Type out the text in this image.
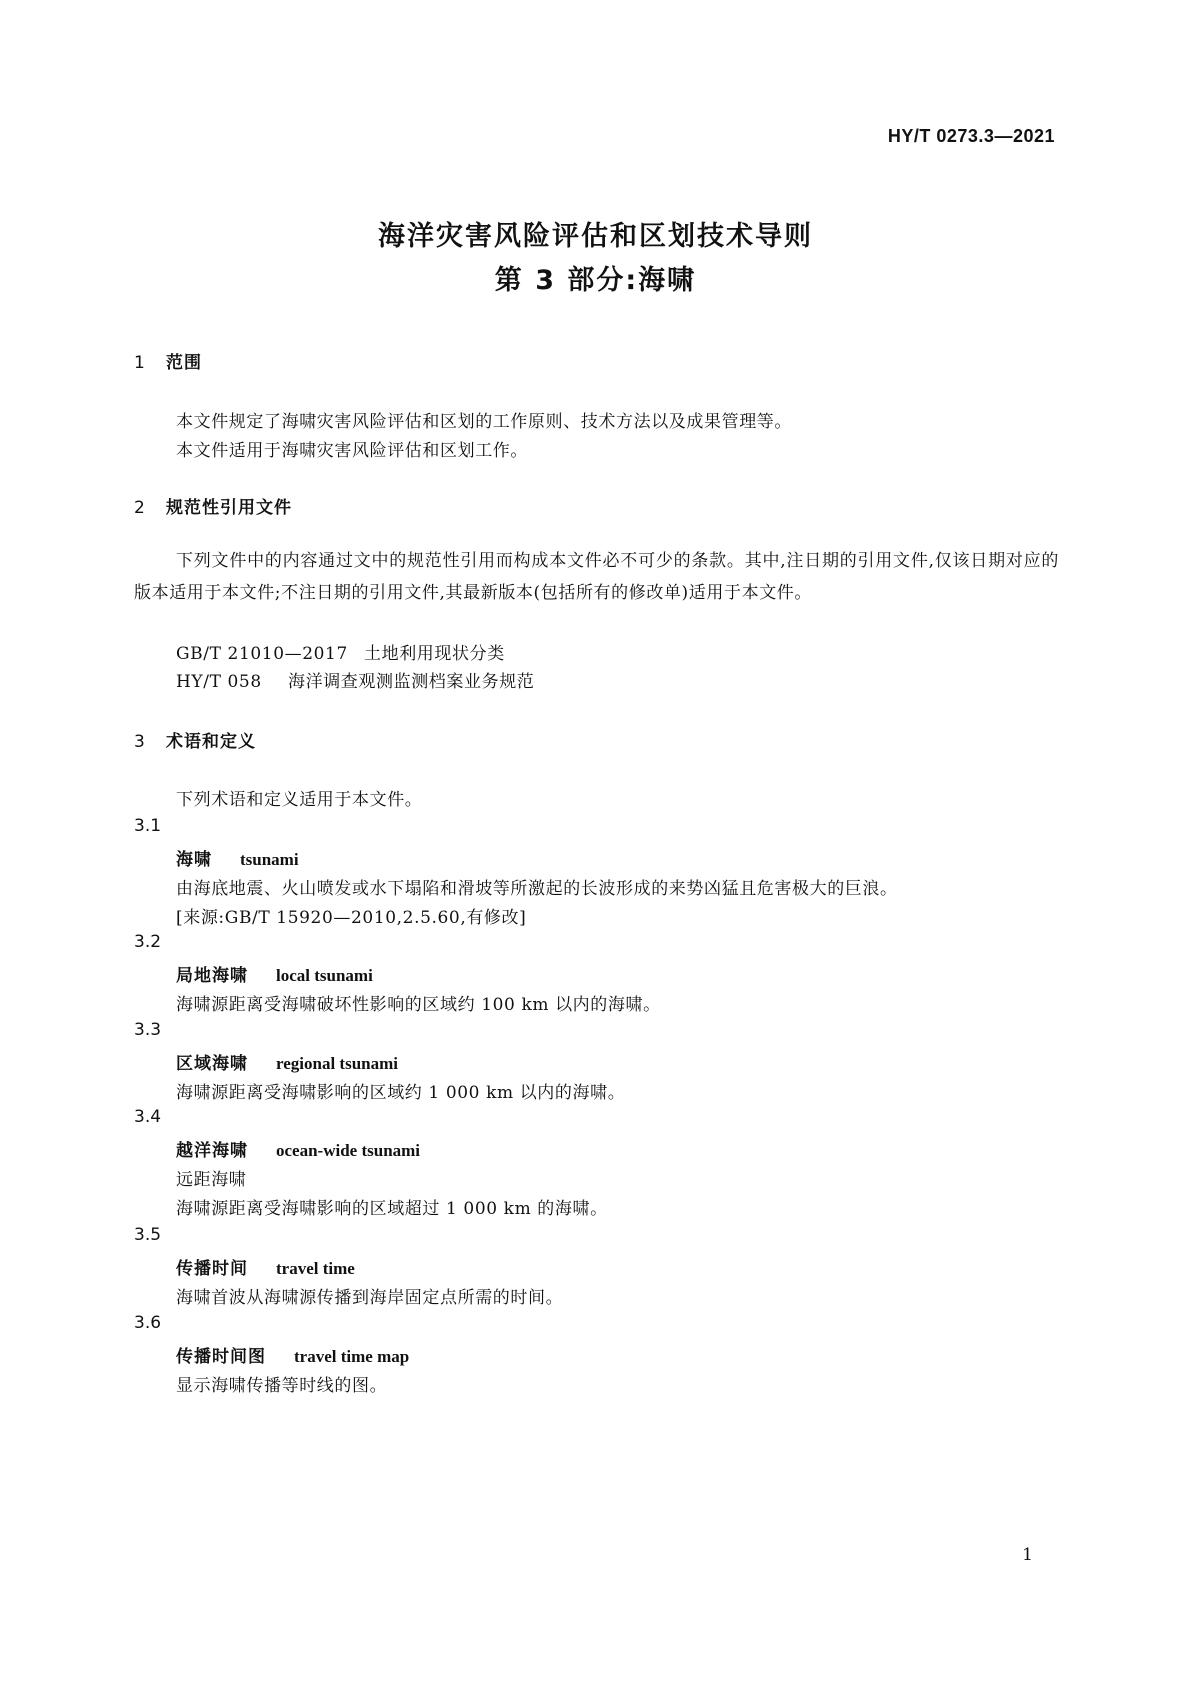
HY/T 0273.3—2021
海洋灾害风险评估和区划技术导则
第 3 部分:海啸
1 范围

本文件规定了海啸灾害风险评估和区划的工作原则、技术方法以及成果管理等。

本文件适用于海啸灾害风险评估和区划工作。

2 规范性引用文件

下列文件中的内容通过文中的规范性引用而构成本文件必不可少的条款。其中,注日期的引用文件,仅该日期对应的版本适用于本文件;不注日期的引用文件,其最新版本(包括所有的修改单)适用于本文件。

GB/T 21010—2017 土地利用现状分类
HY/T 058 海洋调查观测监测档案业务规范
3 术语和定义

下列术语和定义适用于本文件。

3.1
海啸 tsunami

由海底地震、火山喷发或水下塌陷和滑坡等所激起的长波形成的来势凶猛且危害极大的巨浪。

[来源:GB/T 15920—2010,2.5.60,有修改]

3.2
局地海啸 local tsunami

海啸源距离受海啸破坏性影响的区域约 100 km 以内的海啸。

3.3
区域海啸 regional tsunami

海啸源距离受海啸影响的区域约 1 000 km 以内的海啸。

3.4
越洋海啸 ocean-wide tsunami

远距海啸

海啸源距离受海啸影响的区域超过 1 000 km 的海啸。

3.5
传播时间 travel time

海啸首波从海啸源传播到海岸固定点所需的时间。

3.6
传播时间图 travel time map

显示海啸传播等时线的图。

1
